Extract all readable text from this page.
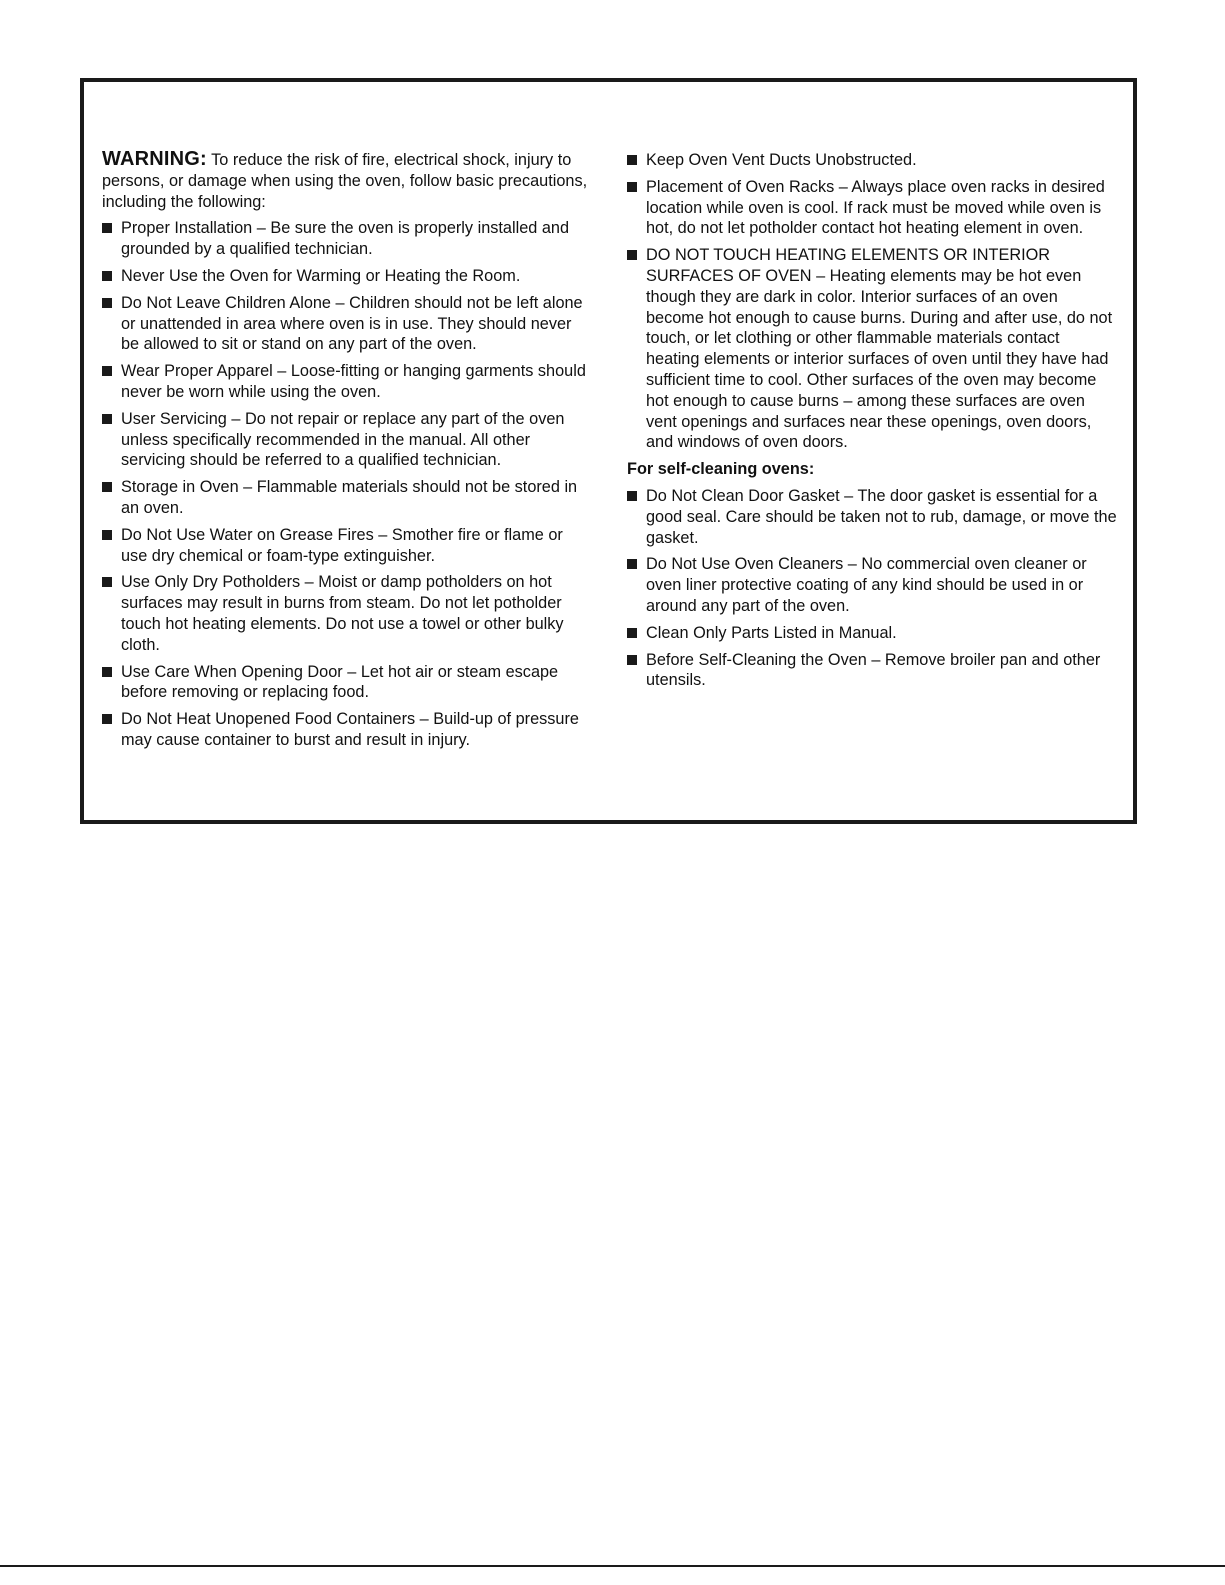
WARNING: To reduce the risk of fire, electrical shock, injury to persons, or damage when using the oven, follow basic precautions, including the following:

Proper Installation – Be sure the oven is properly installed and grounded by a qualified technician.
Never Use the Oven for Warming or Heating the Room.
Do Not Leave Children Alone – Children should not be left alone or unattended in area where oven is in use. They should never be allowed to sit or stand on any part of the oven.
Wear Proper Apparel – Loose-fitting or hanging garments should never be worn while using the oven.
User Servicing – Do not repair or replace any part of the oven unless specifically recommended in the manual. All other servicing should be referred to a qualified technician.
Storage in Oven – Flammable materials should not be stored in an oven.
Do Not Use Water on Grease Fires – Smother fire or flame or use dry chemical or foam-type extinguisher.
Use Only Dry Potholders – Moist or damp potholders on hot surfaces may result in burns from steam. Do not let potholder touch hot heating elements. Do not use a towel or other bulky cloth.
Use Care When Opening Door – Let hot air or steam escape before removing or replacing food.
Do Not Heat Unopened Food Containers – Build-up of pressure may cause container to burst and result in injury.
Keep Oven Vent Ducts Unobstructed.
Placement of Oven Racks – Always place oven racks in desired location while oven is cool. If rack must be moved while oven is hot, do not let potholder contact hot heating element in oven.
DO NOT TOUCH HEATING ELEMENTS OR INTERIOR SURFACES OF OVEN – Heating elements may be hot even though they are dark in color. Interior surfaces of an oven become hot enough to cause burns. During and after use, do not touch, or let clothing or other flammable materials contact heating elements or interior surfaces of oven until they have had sufficient time to cool. Other surfaces of the oven may become hot enough to cause burns – among these surfaces are oven vent openings and surfaces near these openings, oven doors, and windows of oven doors.
For self-cleaning ovens:
Do Not Clean Door Gasket – The door gasket is essential for a good seal. Care should be taken not to rub, damage, or move the gasket.
Do Not Use Oven Cleaners – No commercial oven cleaner or oven liner protective coating of any kind should be used in or around any part of the oven.
Clean Only Parts Listed in Manual.
Before Self-Cleaning the Oven – Remove broiler pan and other utensils.
